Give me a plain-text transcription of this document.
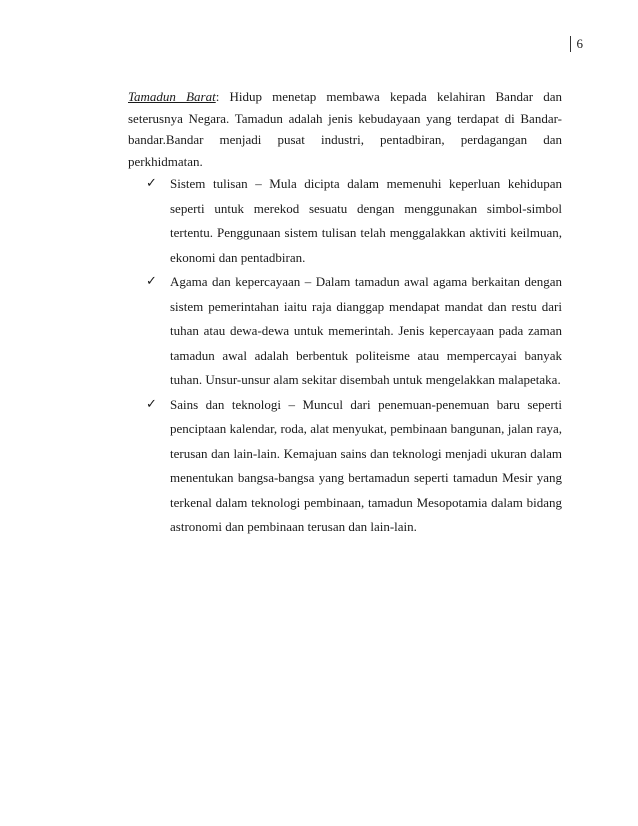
6

Tamadun Barat: Hidup menetap membawa kepada kelahiran Bandar dan seterusnya Negara. Tamadun adalah jenis kebudayaan yang terdapat di Bandar-bandar.Bandar menjadi pusat industri, pentadbiran, perdagangan dan perkhidmatan.

✓ Sistem tulisan – Mula dicipta dalam memenuhi keperluan kehidupan seperti untuk merekod sesuatu dengan menggunakan simbol-simbol tertentu. Penggunaan sistem tulisan telah menggalakkan aktiviti keilmuan, ekonomi dan pentadbiran.
✓ Agama dan kepercayaan – Dalam tamadun awal agama berkaitan dengan sistem pemerintahan iaitu raja dianggap mendapat mandat dan restu dari tuhan atau dewa-dewa untuk memerintah. Jenis kepercayaan pada zaman tamadun awal adalah berbentuk politeisme atau mempercayai banyak tuhan. Unsur-unsur alam sekitar disembah untuk mengelakkan malapetaka.
✓ Sains dan teknologi – Muncul dari penemuan-penemuan baru seperti penciptaan kalendar, roda, alat menyukat, pembinaan bangunan, jalan raya, terusan dan lain-lain. Kemajuan sains dan teknologi menjadi ukuran dalam menentukan bangsa-bangsa yang bertamadun seperti tamadun Mesir yang terkenal dalam teknologi pembinaan, tamadun Mesopotamia dalam bidang astronomi dan pembinaan terusan dan lain-lain.
